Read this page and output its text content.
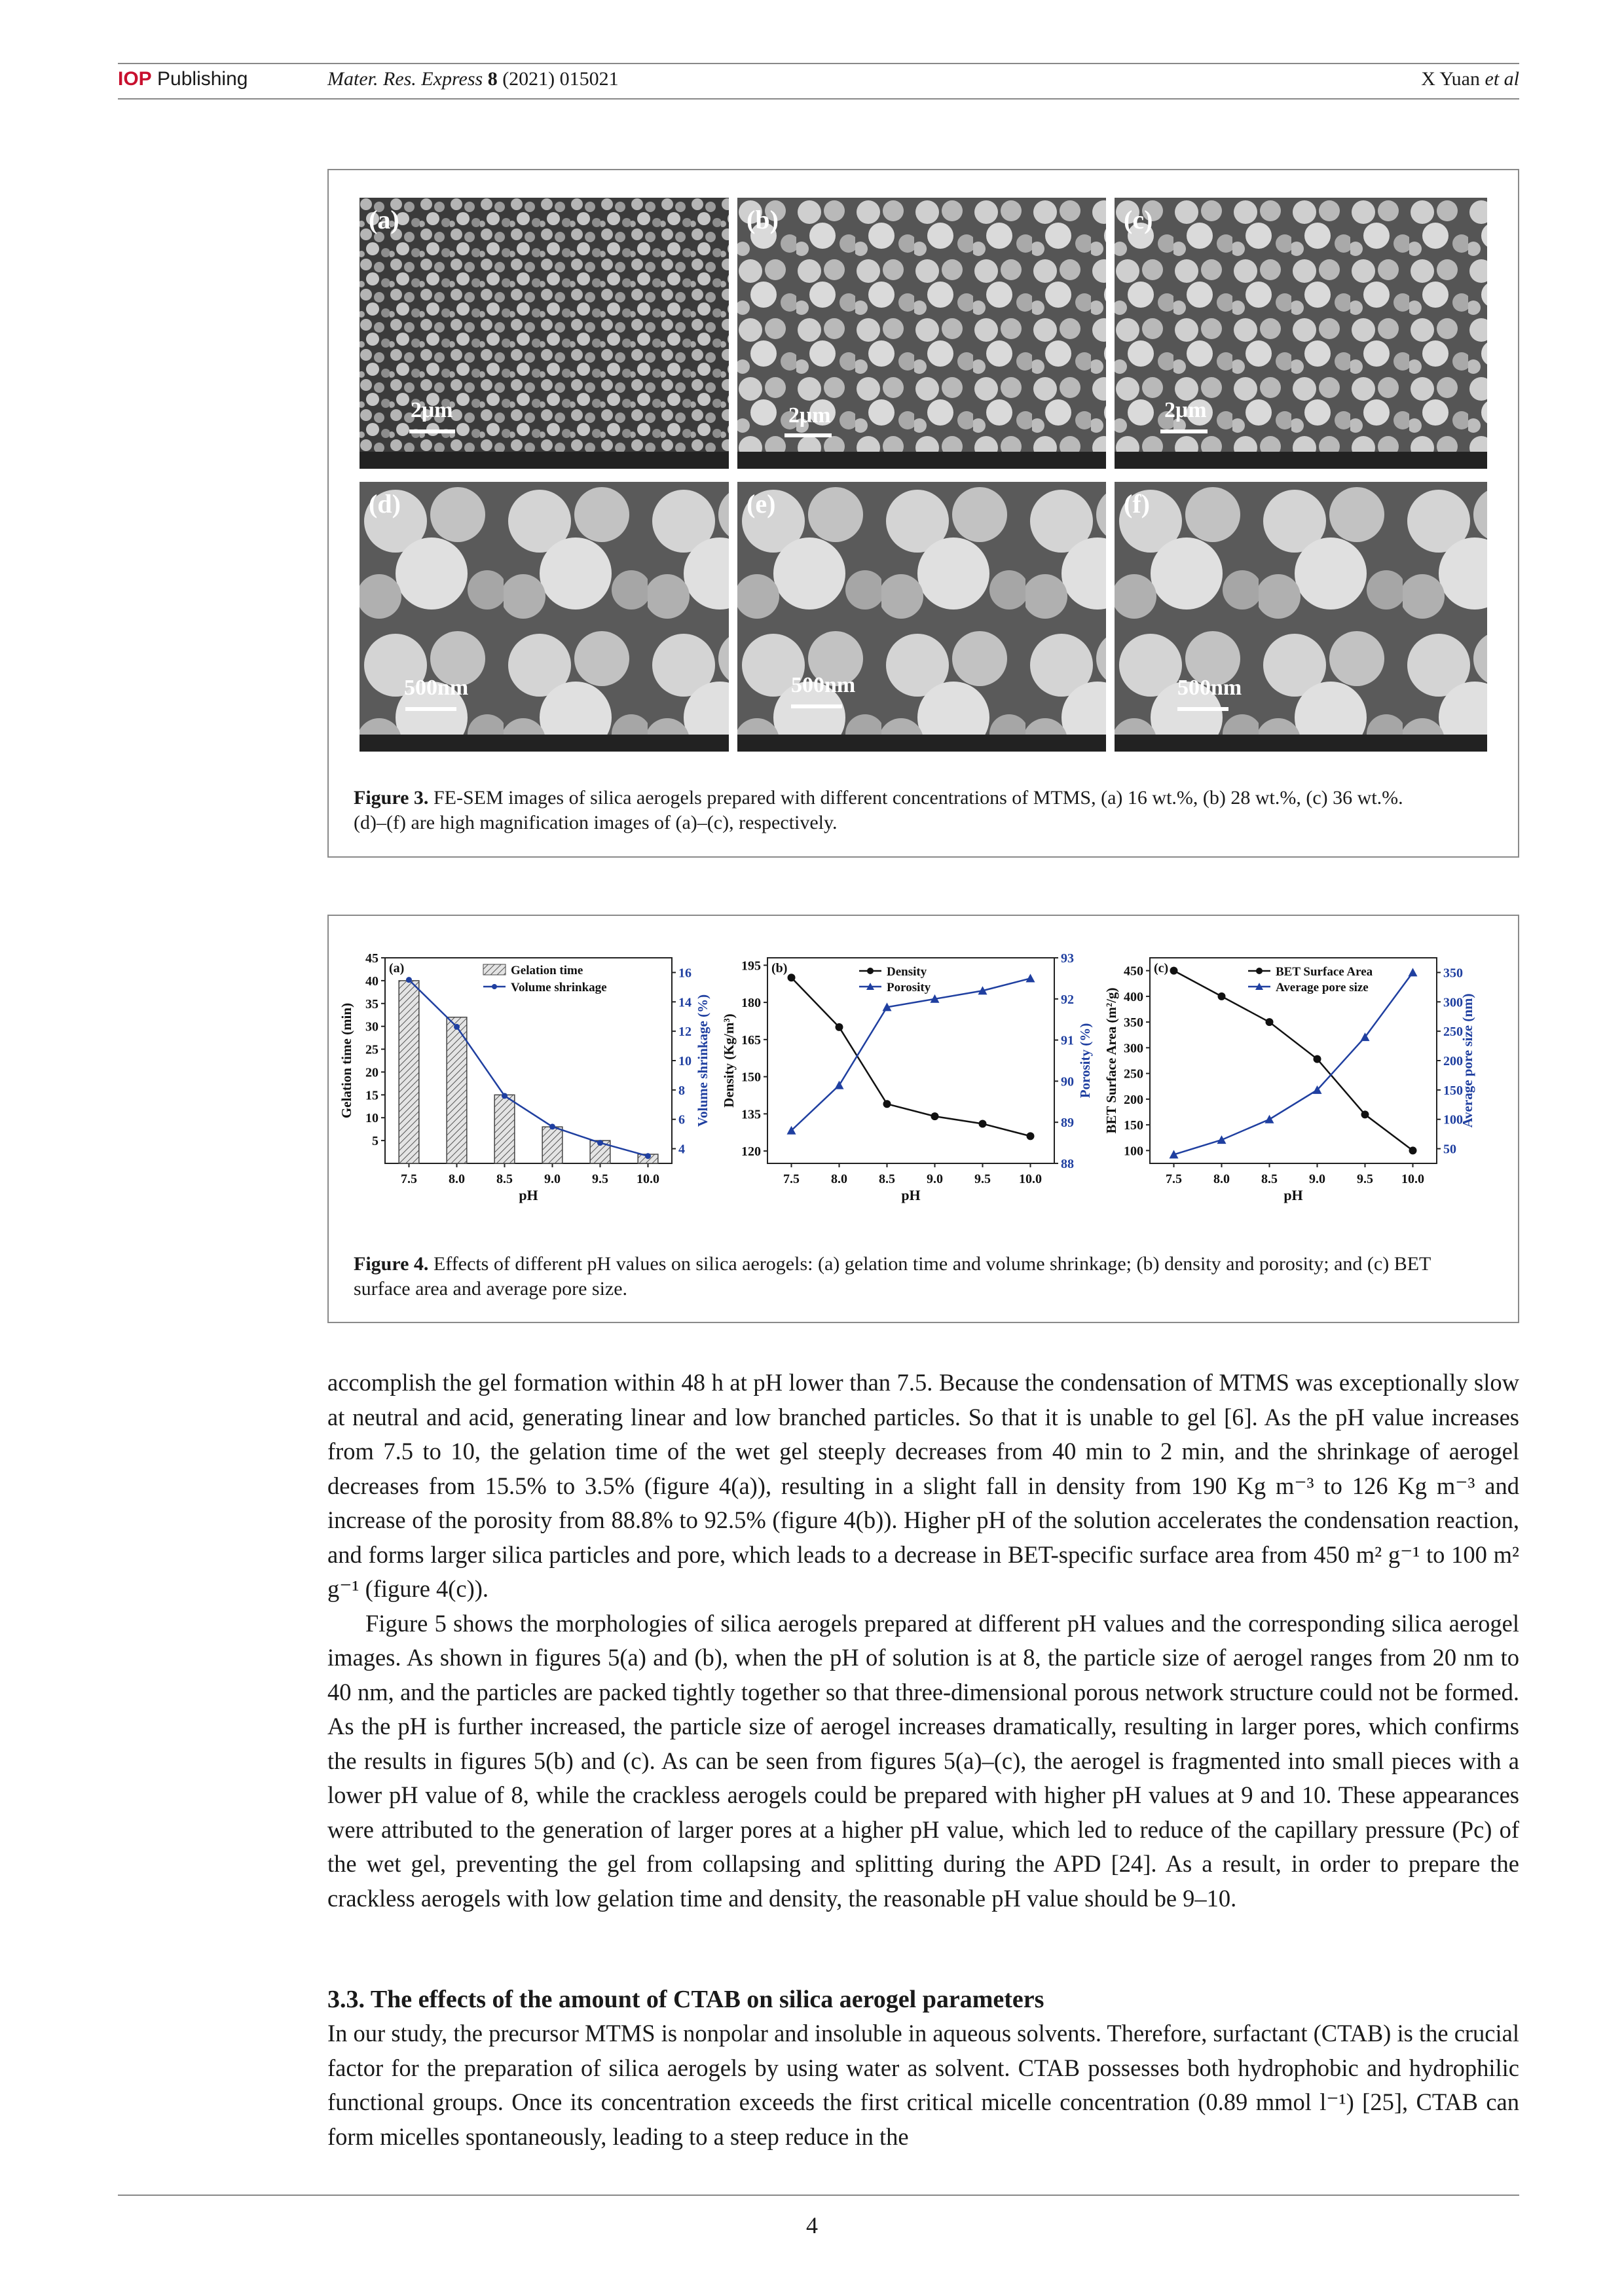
IOP Publishing	Mater. Res. Express 8 (2021) 015021	X Yuan et al
(a)
2μm
(b)
2μm
(c)
2μm
(d)
500nm
(e)
500nm
(f)
500nm
Figure 3. FE-SEM images of silica aerogels prepared with different concentrations of MTMS, (a) 16 wt.%, (b) 28 wt.%, (c) 36 wt.%.
(d)–(f) are high magnification images of (a)–(c), respectively.
(a)
7.5 8.0 8.5 9.0 9.5 10.0
pH
5
10
15
20
25
30
35
40
45
4
6
8
10
12
14
16
Gelation time (min)	Volume shrinkage (%)
Gelation time
Volume shrinkage
(b)
7.5 8.0 8.5 9.0 9.5 10.0
pH
120
135
150
165
180
195
88
89
90
91
92
93
Density (Kg/m³)	Porosity (%)
Density
Porosity
(c)
7.5 8.0 8.5 9.0 9.5 10.0
pH
100
150
200
250
300
350
400
450
50
100
150
200
250
300
350
BET Surface Area (m²/g)	Average pore size (nm)
BET Surface Area
Average pore size
Figure 4. Effects of different pH values on silica aerogels: (a) gelation time and volume shrinkage; (b) density and porosity; and (c) BET
surface area and average pore size.

accomplish the gel formation within 48 h at pH lower than 7.5. Because the condensation of MTMS was exceptionally slow at neutral and acid, generating linear and low branched particles. So that it is unable to gel [6]. As the pH value increases from 7.5 to 10, the gelation time of the wet gel steeply decreases from 40 min to 2 min, and the shrinkage of aerogel decreases from 15.5% to 3.5% (figure 4(a)), resulting in a slight fall in density from 190 Kg m⁻³ to 126 Kg m⁻³ and increase of the porosity from 88.8% to 92.5% (figure 4(b)). Higher pH of the solution accelerates the condensation reaction, and forms larger silica particles and pore, which leads to a decrease in BET-specific surface area from 450 m² g⁻¹ to 100 m² g⁻¹ (figure 4(c)).

Figure 5 shows the morphologies of silica aerogels prepared at different pH values and the corresponding silica aerogel images. As shown in figures 5(a) and (b), when the pH of solution is at 8, the particle size of aerogel ranges from 20 nm to 40 nm, and the particles are packed tightly together so that three-dimensional porous network structure could not be formed. As the pH is further increased, the particle size of aerogel increases dramatically, resulting in larger pores, which confirms the results in figures 5(b) and (c). As can be seen from figures 5(a)–(c), the aerogel is fragmented into small pieces with a lower pH value of 8, while the crackless aerogels could be prepared with higher pH values at 9 and 10. These appearances were attributed to the generation of larger pores at a higher pH value, which led to reduce of the capillary pressure (Pc) of the wet gel, preventing the gel from collapsing and splitting during the APD [24]. As a result, in order to prepare the crackless aerogels with low gelation time and density, the reasonable pH value should be 9–10.

3.3. The effects of the amount of CTAB on silica aerogel parameters

In our study, the precursor MTMS is nonpolar and insoluble in aqueous solvents. Therefore, surfactant (CTAB) is the crucial factor for the preparation of silica aerogels by using water as solvent. CTAB possesses both hydrophobic and hydrophilic functional groups. Once its concentration exceeds the first critical micelle concentration (0.89 mmol l⁻¹) [25], CTAB can form micelles spontaneously, leading to a steep reduce in the

4
